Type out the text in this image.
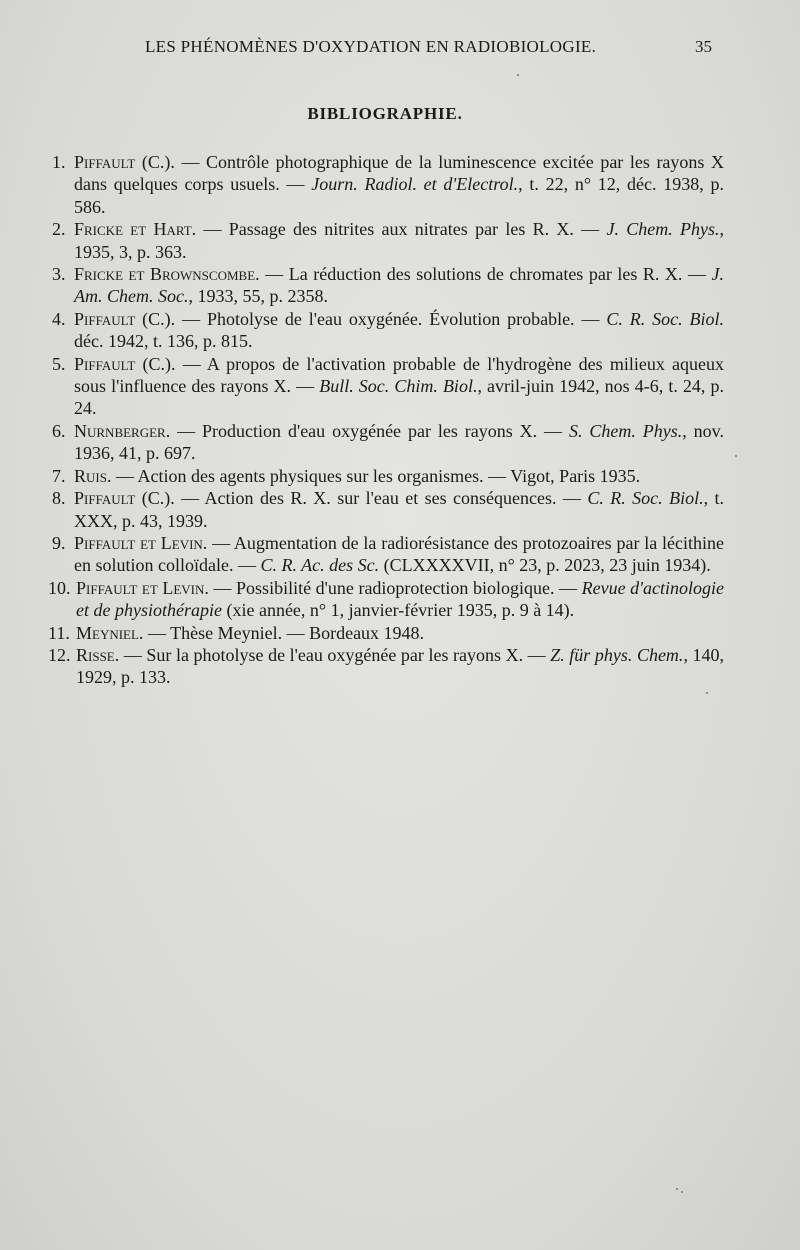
LES PHÉNOMÈNES D'OXYDATION EN RADIOBIOLOGIE.	35
BIBLIOGRAPHIE.
1. Piffault (C.). — Contrôle photographique de la luminescence excitée par les rayons X dans quelques corps usuels. — Journ. Radiol. et d'Electrol., t. 22, n° 12, déc. 1938, p. 586.
2. Fricke et Hart. — Passage des nitrites aux nitrates par les R. X. — J. Chem. Phys., 1935, 3, p. 363.
3. Fricke et Brownscombe. — La réduction des solutions de chromates par les R. X. — J. Am. Chem. Soc., 1933, 55, p. 2358.
4. Piffault (C.). — Photolyse de l'eau oxygénée. Évolution probable. — C. R. Soc. Biol. déc. 1942, t. 136, p. 815.
5. Piffault (C.). — A propos de l'activation probable de l'hydrogène des milieux aqueux sous l'influence des rayons X. — Bull. Soc. Chim. Biol., avril-juin 1942, nos 4-6, t. 24, p. 24.
6. Nurnberger. — Production d'eau oxygénée par les rayons X. — S. Chem. Phys., nov. 1936, 41, p. 697.
7. Ruis. — Action des agents physiques sur les organismes. — Vigot, Paris 1935.
8. Piffault (C.). — Action des R. X. sur l'eau et ses conséquences. — C. R. Soc. Biol., t. XXX, p. 43, 1939.
9. Piffault et Levin. — Augmentation de la radiorésistance des protozoaires par la lécithine en solution colloïdale. — C. R. Ac. des Sc. (CLXXXXVII, n° 23, p. 2023, 23 juin 1934).
10. Piffault et Levin. — Possibilité d'une radioprotection biologique. — Revue d'actinologie et de physiothérapie (xie année, n° 1, janvier-février 1935, p. 9 à 14).
11. Meyniel. — Thèse Meyniel. — Bordeaux 1948.
12. Risse. — Sur la photolyse de l'eau oxygénée par les rayons X. — Z. für phys. Chem., 140, 1929, p. 133.
